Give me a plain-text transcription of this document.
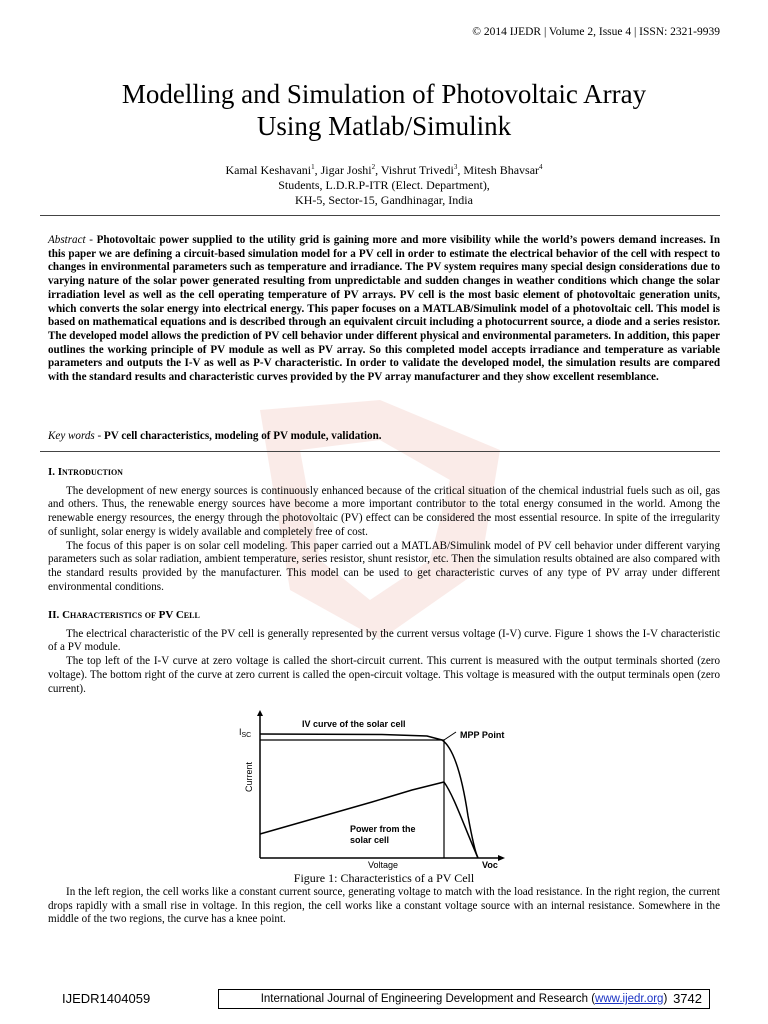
© 2014 IJEDR | Volume 2, Issue 4 | ISSN: 2321-9939
Modelling and Simulation of Photovoltaic Array
Using Matlab/Simulink
Kamal Keshavani$^1$, Jigar Joshi$^2$, Vishrut Trivedi$^3$, Mitesh Bhavsar$^4$
Students, L.D.R.P-ITR (Elect. Department),
KH-5, Sector-15, Gandhinagar, India
Abstract - Photovoltaic power supplied to the utility grid is gaining more and more visibility while the world’s powers demand increases. In this paper we are defining a circuit-based simulation model for a PV cell in order to estimate the electrical behavior of the cell with respect to changes in environmental parameters such as temperature and irradiance. The PV system requires many special design considerations due to varying nature of the solar power generated resulting from unpredictable and sudden changes in weather conditions which change the solar irradiation level as well as the cell operating temperature of PV arrays. PV cell is the most basic element of photovoltaic generation units, which converts the solar energy into electrical energy. This paper focuses on a MATLAB/Simulink model of a photovoltaic cell. This model is based on mathematical equations and is described through an equivalent circuit including a photocurrent source, a diode and a series resistor. The developed model allows the prediction of PV cell behavior under different physical and environmental parameters. In addition, this paper outlines the working principle of PV module as well as PV array. So this completed model accepts irradiance and temperature as variable parameters and outputs the I-V as well as P-V characteristic. In order to validate the developed model, the simulation results are compared with the standard results and characteristic curves provided by the PV array manufacturer and they show excellent resemblance.
Key words - PV cell characteristics, modeling of PV module, validation.
I. Introduction

The development of new energy sources is continuously enhanced because of the critical situation of the chemical industrial fuels such as oil, gas and others. Thus, the renewable energy sources have become a more important contributor to the total energy consumed in the world. Among the renewable energy resources, the energy through the photovoltaic (PV) effect can be considered the most essential resource. In spite of the irregularity of sunlight, solar energy is widely available and completely free of cost.

The focus of this paper is on solar cell modeling. This paper carried out a MATLAB/Simulink model of PV cell behavior under different varying parameters such as solar radiation, ambient temperature, series resistor, shunt resistor, etc. Then the simulation results obtained are also compared with the standard results provided by the manufacturer. This model can be used to get characteristic curves of any type of PV array under different environmental conditions.

II. Characteristics of PV Cell

The electrical characteristic of the PV cell is generally represented by the current versus voltage (I-V) curve. Figure 1 shows the I-V characteristic of a PV module.

The top left of the I-V curve at zero voltage is called the short-circuit current. This current is measured with the output terminals shorted (zero voltage). The bottom right of the curve at zero current is called the open-circuit voltage. This voltage is measured with the output terminals open (zero current).

$I_{SC}$
Current
Voltage	Voc
IV curve of the solar cell
MPP Point
Power from the
solar cell
Figure 1: Characteristics of a PV Cell

In the left region, the cell works like a constant current source, generating voltage to match with the load resistance. In the right region, the current drops rapidly with a small rise in voltage. In this region, the cell works like a constant voltage source with an internal resistance. Somewhere in the middle of the two regions, the curve has a knee point.

IJEDR1404059	International Journal of Engineering Development and Research (www.ijedr.org) 3742
